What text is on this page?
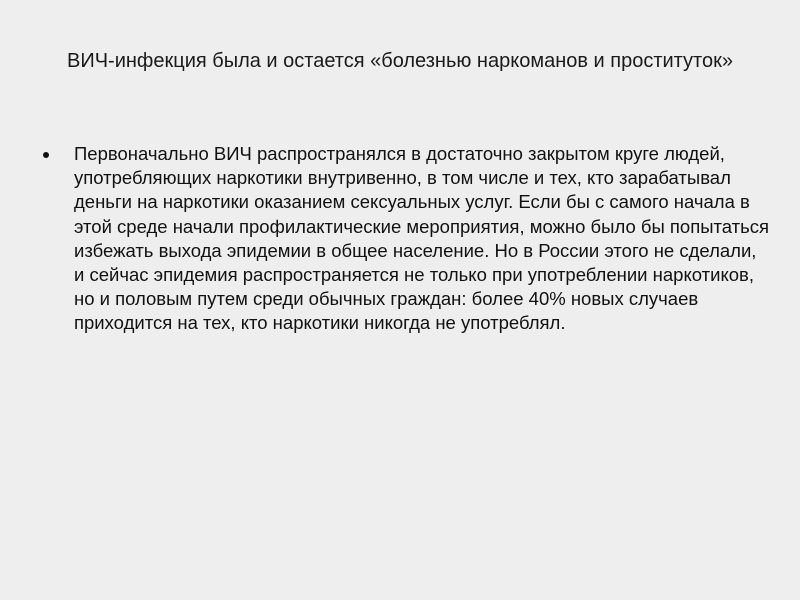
ВИЧ-инфекция была и остается «болезнью наркоманов и проституток»
Первоначально ВИЧ распространялся в достаточно закрытом круге людей, употребляющих наркотики внутривенно, в том числе и тех, кто зарабатывал деньги на наркотики оказанием сексуальных услуг. Если бы с самого начала в этой среде начали профилактические мероприятия, можно было бы попытаться избежать выхода эпидемии в общее население. Но в России этого не сделали, и сейчас эпидемия распространяется не только при употреблении наркотиков, но и половым путем среди обычных граждан: более 40% новых случаев приходится на тех, кто наркотики никогда не употреблял.
